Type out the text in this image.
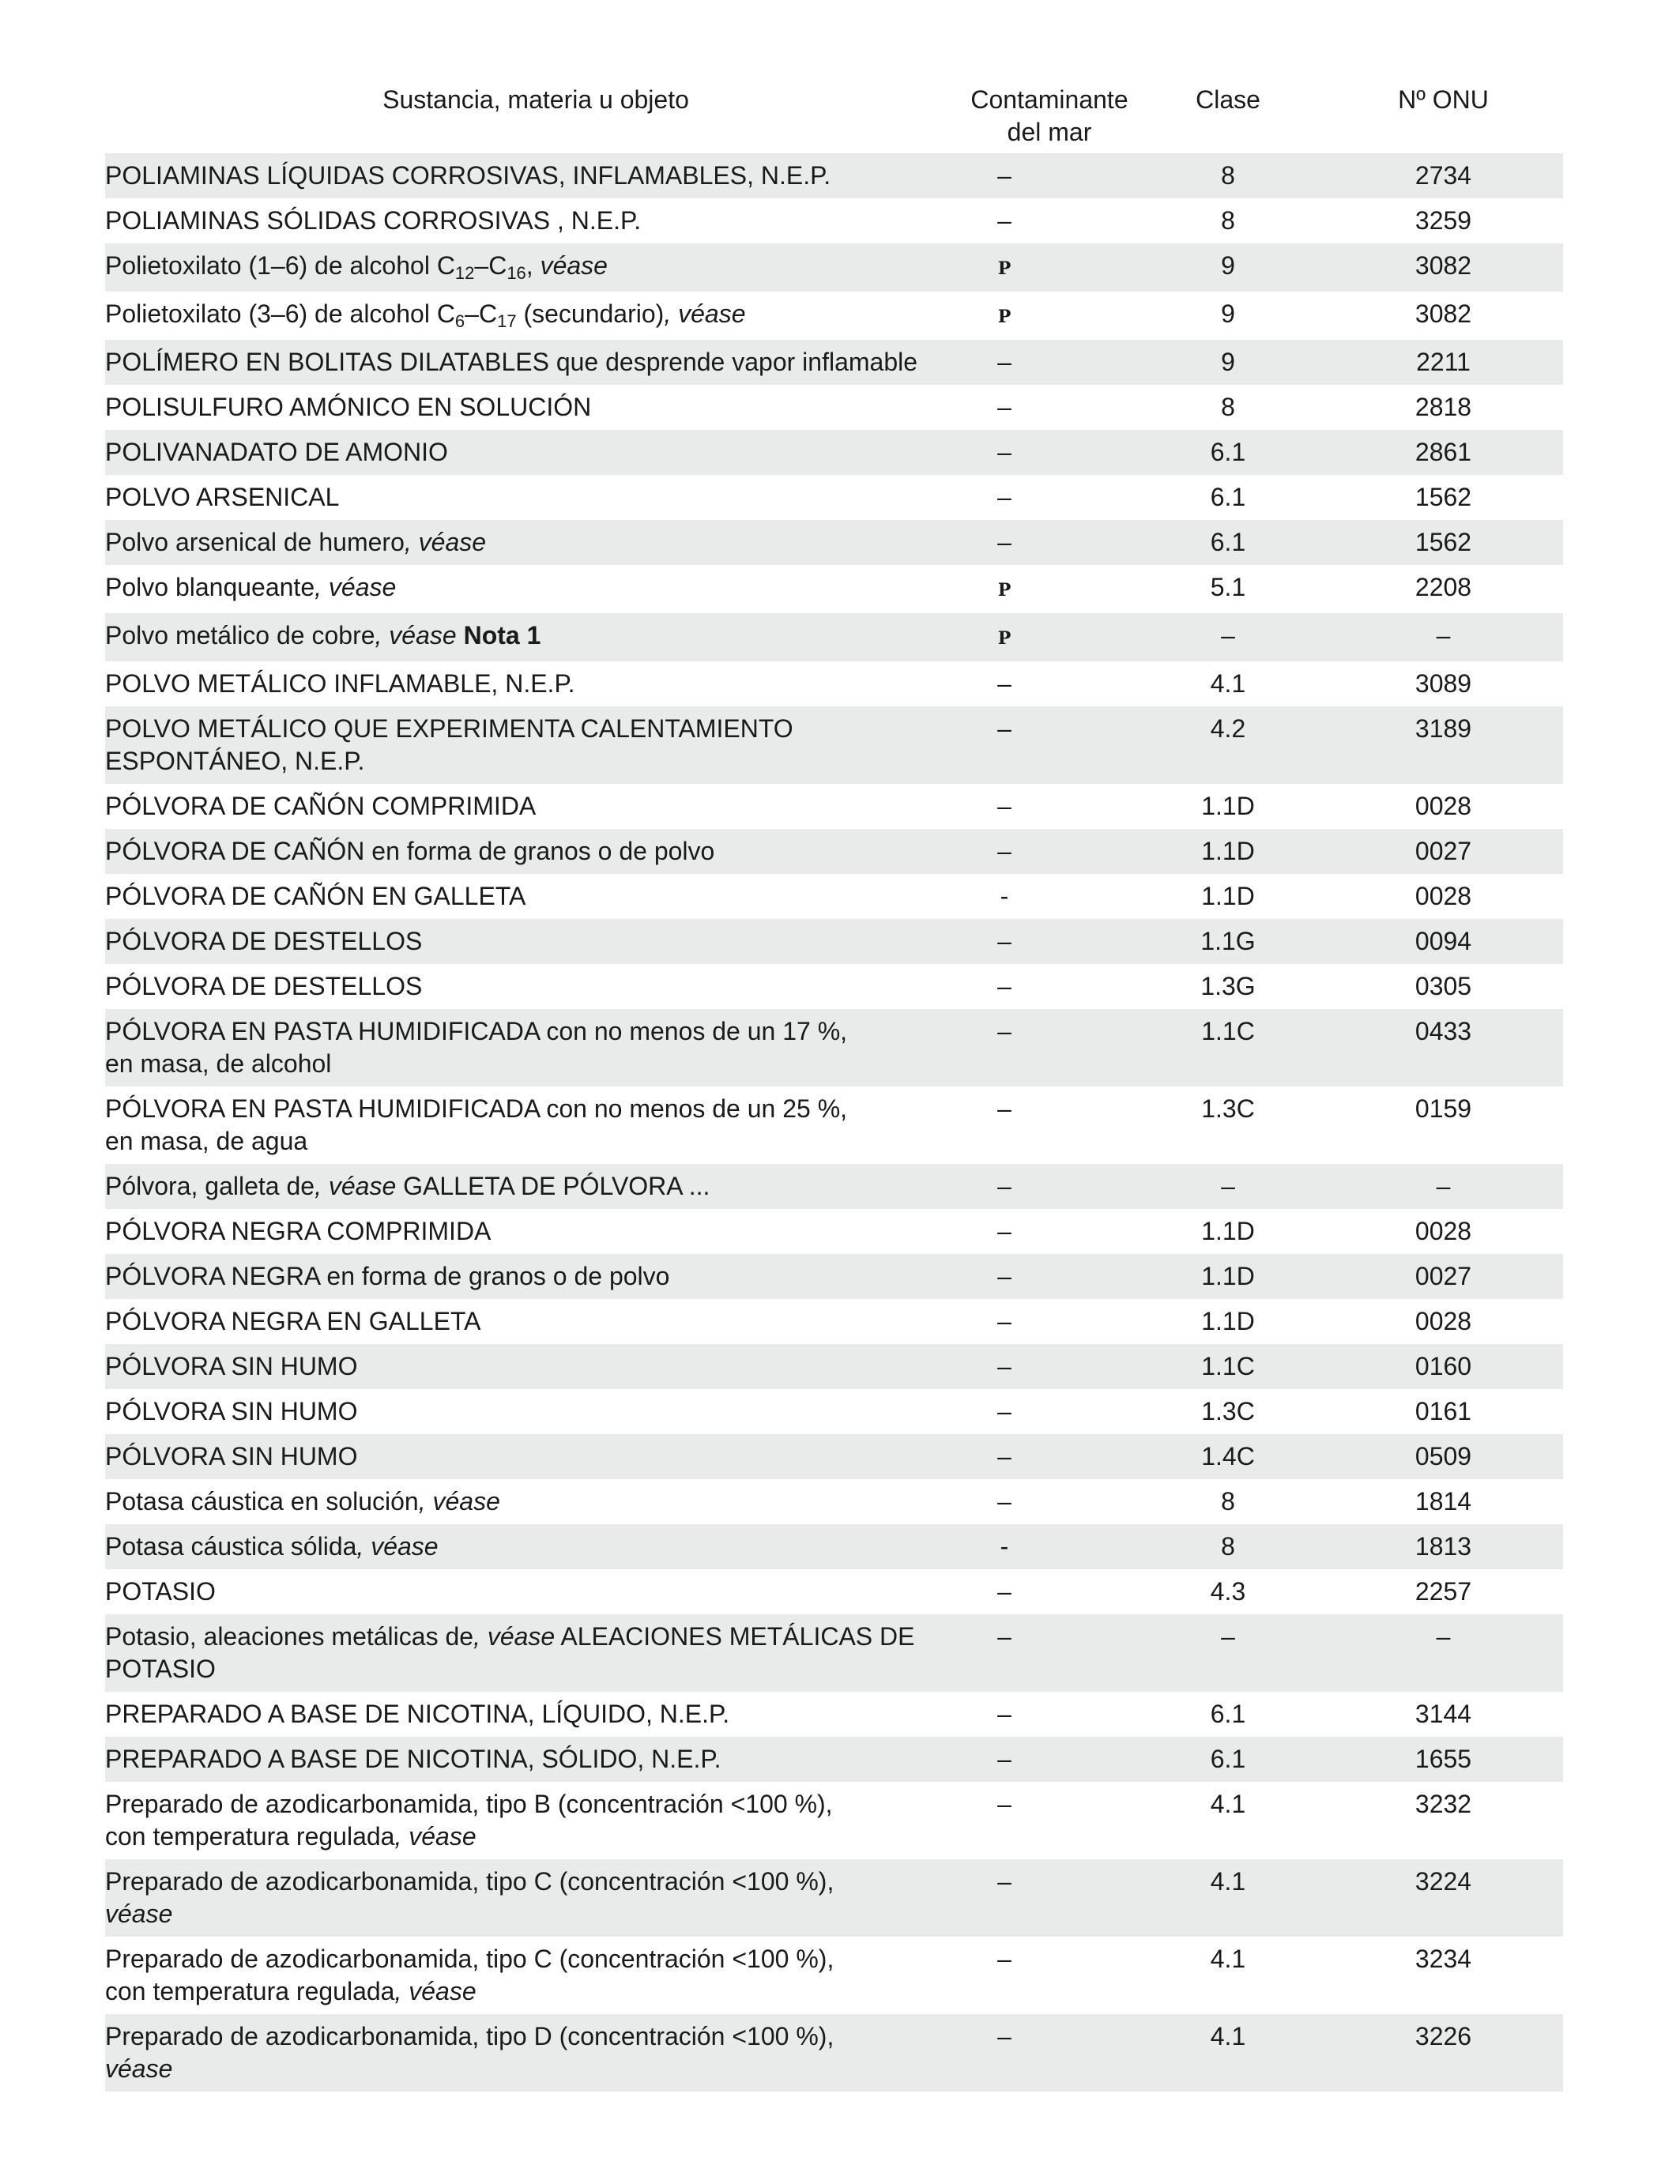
Sustancia, materia u objeto	Contaminante
del mar	Clase	Nº ONU
POLIAMINAS LÍQUIDAS CORROSIVAS, INFLAMABLES, N.E.P.	–	8	2734
POLIAMINAS SÓLIDAS CORROSIVAS , N.E.P.	–	8	3259
Polietoxilato (1–6) de alcohol $C_{12}-C_{16}$, véase	P	9	3082
Polietoxilato (3–6) de alcohol $C_6-C_{17}$ (secundario), véase	P	9	3082
POLÍMERO EN BOLITAS DILATABLES que desprende vapor inflamable	–	9	2211
POLISULFURO AMÓNICO EN SOLUCIÓN	–	8	2818
POLIVANADATO DE AMONIO	–	6.1	2861
POLVO ARSENICAL	–	6.1	1562
Polvo arsenical de humero, véase	–	6.1	1562
Polvo blanqueante, véase	P	5.1	2208
Polvo metálico de cobre, véase Nota 1	P	–	–
POLVO METÁLICO INFLAMABLE, N.E.P.	–	4.1	3089
POLVO METÁLICO QUE EXPERIMENTA CALENTAMIENTO
ESPONTÁNEO, N.E.P.	–	4.2	3189
PÓLVORA DE CAÑÓN COMPRIMIDA	–	1.1D	0028
PÓLVORA DE CAÑÓN en forma de granos o de polvo	–	1.1D	0027
PÓLVORA DE CAÑÓN EN GALLETA	-	1.1D	0028
PÓLVORA DE DESTELLOS	–	1.1G	0094
PÓLVORA DE DESTELLOS	–	1.3G	0305
PÓLVORA EN PASTA HUMIDIFICADA con no menos de un 17 %,
en masa, de alcohol	–	1.1C	0433
PÓLVORA EN PASTA HUMIDIFICADA con no menos de un 25 %,
en masa, de agua	–	1.3C	0159
Pólvora, galleta de, véase GALLETA DE PÓLVORA ...	–	–	–
PÓLVORA NEGRA COMPRIMIDA	–	1.1D	0028
PÓLVORA NEGRA en forma de granos o de polvo	–	1.1D	0027
PÓLVORA NEGRA EN GALLETA	–	1.1D	0028
PÓLVORA SIN HUMO	–	1.1C	0160
PÓLVORA SIN HUMO	–	1.3C	0161
PÓLVORA SIN HUMO	–	1.4C	0509
Potasa cáustica en solución, véase	–	8	1814
Potasa cáustica sólida, véase	-	8	1813
POTASIO	–	4.3	2257
Potasio, aleaciones metálicas de, véase ALEACIONES METÁLICAS DE
POTASIO	–	–	–
PREPARADO A BASE DE NICOTINA, LÍQUIDO, N.E.P.	–	6.1	3144
PREPARADO A BASE DE NICOTINA, SÓLIDO, N.E.P.	–	6.1	1655
Preparado de azodicarbonamida, tipo B (concentración <100 %),
con temperatura regulada, véase	–	4.1	3232
Preparado de azodicarbonamida, tipo C (concentración <100 %),
véase	–	4.1	3224
Preparado de azodicarbonamida, tipo C (concentración <100 %),
con temperatura regulada, véase	–	4.1	3234
Preparado de azodicarbonamida, tipo D (concentración <100 %),
véase	–	4.1	3226
